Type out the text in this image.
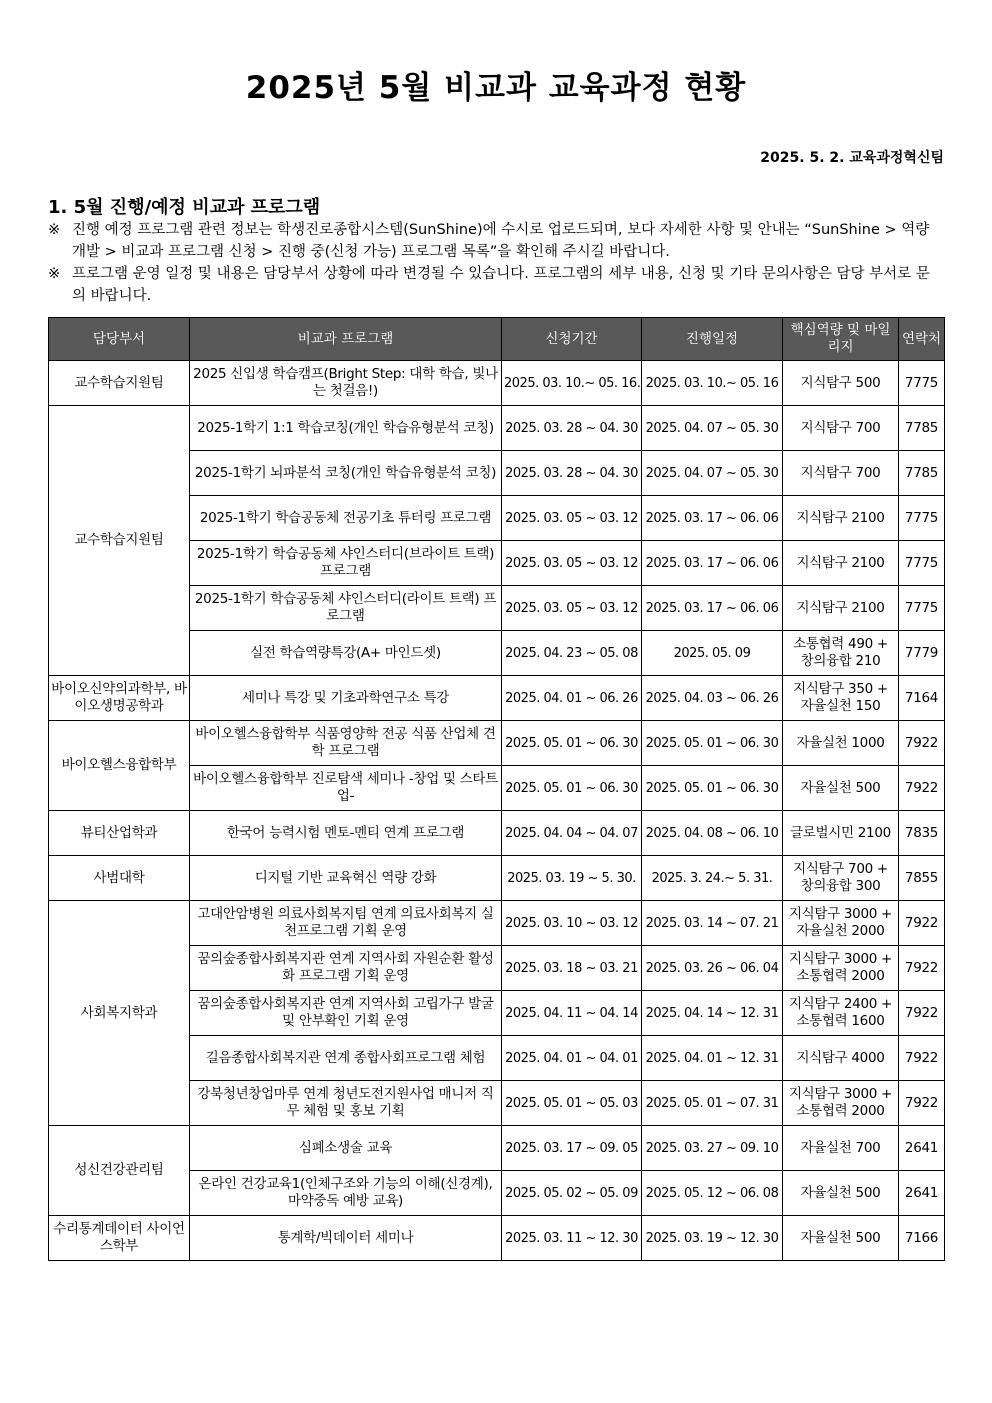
2025년 5월 비교과 교육과정 현황
2025. 5. 2. 교육과정혁신팀
1. 5월 진행/예정 비교과 프로그램
※ 진행 예정 프로그램 관련 정보는 학생진로종합시스템(SunShine)에 수시로 업로드되며, 보다 자세한 사항 및 안내는 “SunShine > 역량개발 > 비교과 프로그램 신청 > 진행 중(신청 가능) 프로그램 목록”을 확인해 주시길 바랍니다.
※ 프로그램 운영 일정 및 내용은 담당부서 상황에 따라 변경될 수 있습니다. 프로그램의 세부 내용, 신청 및 기타 문의사항은 담당 부서로 문의 바랍니다.
담당부서	비교과 프로그램	신청기간	진행일정	핵심역량 및 마일리지	연락처
교수학습지원팀	2025 신입생 학습캠프(Bright Step: 대학 학습, 빛나는 첫걸음!)	2025. 03. 10.~ 05. 16.	2025. 03. 10.~ 05. 16	지식탐구 500	7775
교수학습지원팀	2025-1학기 1:1 학습코칭(개인 학습유형분석 코칭)	2025. 03. 28 ~ 04. 30	2025. 04. 07 ~ 05. 30	지식탐구 700	7785
	2025-1학기 뇌파분석 코칭(개인 학습유형분석 코칭)	2025. 03. 28 ~ 04. 30	2025. 04. 07 ~ 05. 30	지식탐구 700	7785
	2025-1학기 학습공동체 전공기초 튜터링 프로그램	2025. 03. 05 ~ 03. 12	2025. 03. 17 ~ 06. 06	지식탐구 2100	7775
	2025-1학기 학습공동체 샤인스터디(브라이트 트랙) 프로그램	2025. 03. 05 ~ 03. 12	2025. 03. 17 ~ 06. 06	지식탐구 2100	7775
	2025-1학기 학습공동체 샤인스터디(라이트 트랙) 프로그램	2025. 03. 05 ~ 03. 12	2025. 03. 17 ~ 06. 06	지식탐구 2100	7775
	실전 학습역량특강(A+ 마인드셋)	2025. 04. 23 ~ 05. 08	2025. 05. 09	소통협력 490 + 창의융합 210	7779
바이오신약의과학부, 바이오생명공학과	세미나 특강 및 기초과학연구소 특강	2025. 04. 01 ~ 06. 26	2025. 04. 03 ~ 06. 26	지식탐구 350 + 자율실천 150	7164
바이오헬스융합학부	바이오헬스융합학부 식품영양학 전공 식품 산업체 견학 프로그램	2025. 05. 01 ~ 06. 30	2025. 05. 01 ~ 06. 30	자율실천 1000	7922
	바이오헬스융합학부 진로탐색 세미나 -창업 및 스타트업-	2025. 05. 01 ~ 06. 30	2025. 05. 01 ~ 06. 30	자율실천 500	7922
뷰티산업학과	한국어 능력시험 멘토-멘티 연계 프로그램	2025. 04. 04 ~ 04. 07	2025. 04. 08 ~ 06. 10	글로벌시민 2100	7835
사범대학	디지털 기반 교육혁신 역량 강화	2025. 03. 19 ~ 5. 30.	2025. 3. 24.~ 5. 31.	지식탐구 700 + 창의융합 300	7855
사회복지학과	고대안암병원 의료사회복지팀 연계 의료사회복지 실천프로그램 기획 운영	2025. 03. 10 ~ 03. 12	2025. 03. 14 ~ 07. 21	지식탐구 3000 + 자율실천 2000	7922
	꿈의숲종합사회복지관 연계 지역사회 자원순환 활성화 프로그램 기획 운영	2025. 03. 18 ~ 03. 21	2025. 03. 26 ~ 06. 04	지식탐구 3000 + 소통협력 2000	7922
	꿈의숲종합사회복지관 연계 지역사회 고립가구 발굴 및 안부확인 기획 운영	2025. 04. 11 ~ 04. 14	2025. 04. 14 ~ 12. 31	지식탐구 2400 + 소통협력 1600	7922
	길음종합사회복지관 연계 종합사회프로그램 체험	2025. 04. 01 ~ 04. 01	2025. 04. 01 ~ 12. 31	지식탐구 4000	7922
	강북청년창업마루 연계 청년도전지원사업 매니저 직무 체험 및 홍보 기획	2025. 05. 01 ~ 05. 03	2025. 05. 01 ~ 07. 31	지식탐구 3000 + 소통협력 2000	7922
성신건강관리팀	심폐소생술 교육	2025. 03. 17 ~ 09. 05	2025. 03. 27 ~ 09. 10	자율실천 700	2641
	온라인 건강교육1(인체구조와 기능의 이해(신경계), 마약중독 예방 교육)	2025. 05. 02 ~ 05. 09	2025. 05. 12 ~ 06. 08	자율실천 500	2641
수리통계데이터 사이언스학부	통계학/빅데이터 세미나	2025. 03. 11 ~ 12. 30	2025. 03. 19 ~ 12. 30	자율실천 500	7166
